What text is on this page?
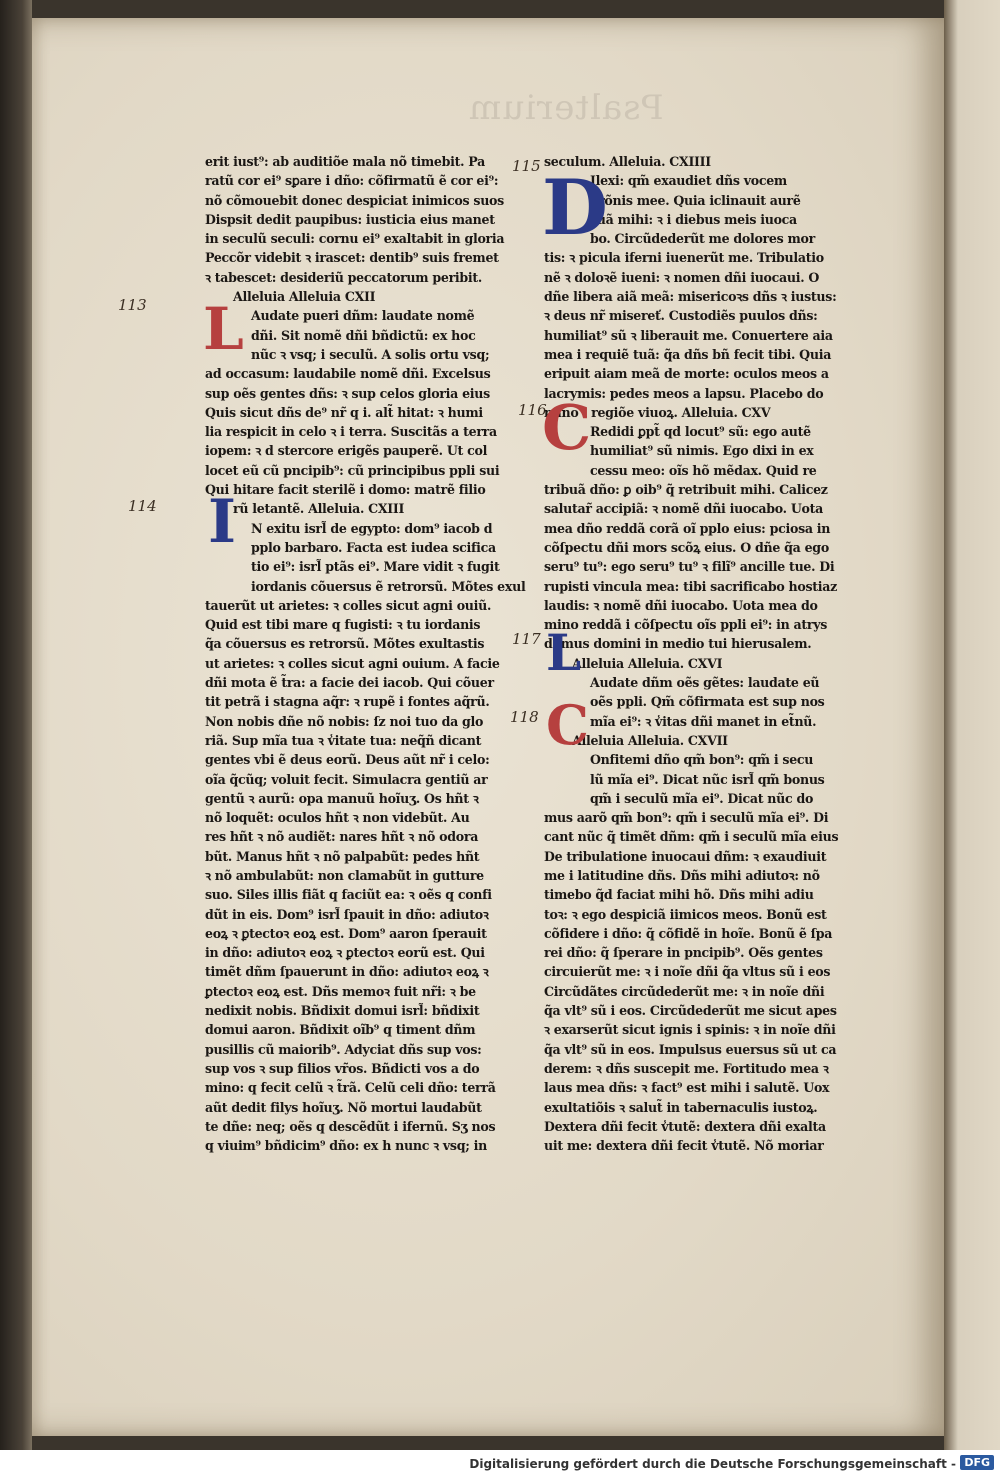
Psalterium
113
114
115
116
117
118
L
I
D
C
L
C
erit iust⁹: ab auditiõe mala nõ timebit. Pa
ratũ cor ei⁹ sꝑare i dño: cõfirmatũ ẽ cor ei⁹:
nõ cõmouebit donec despiciat inimicos suos
Dispsit dedit paupibus: iusticia eius manet
in seculũ seculi: cornu ei⁹ exaltabit in gloria
Peccõr videbit ꝛ irascet: dentib⁹ suis fremet
ꝛ tabescet: desideriũ peccatorum peribit.
Alleluia Alleluia CXII
Audate pueri dñm: laudate nomẽ
dñi. Sit nomẽ dñi bñdictũ: ex hoc
nũc ꝛ vsq; i seculũ. A solis ortu vsq;
ad occasum: laudabile nomẽ dñi. Excelsus
sup oẽs gentes dñs: ꝛ sup celos gloria eius
Quis sicut dñs de⁹ nr̃ q i. alt̃ hitat: ꝛ humi
lia respicit in celo ꝛ i terra. Suscitãs a terra
iopem: ꝛ d stercore erigẽs pauperẽ. Ut col
locet eũ cũ pncipib⁹: cũ principibus ppli sui
Qui hitare facit sterilẽ i domo: matrẽ filio
rũ letantẽ. Alleluia. CXIII
N exitu isrl̃ de egypto: dom⁹ iacob d
pplo barbaro. Facta est iudea scifica
tio ei⁹: isrl̃ ptãs ei⁹. Mare vidit ꝛ fugit
iordanis cõuersus ẽ retrorsũ. Mõtes exul
tauerũt ut arietes: ꝛ colles sicut agni ouiũ.
Quid est tibi mare q fugisti: ꝛ tu iordanis
q̃a cõuersus es retrorsũ. Mõtes exultastis
ut arietes: ꝛ colles sicut agni ouium. A facie
dñi mota ẽ t̃ra: a facie dei iacob. Qui cõuer
tit petrã i stagna aq̃r: ꝛ rupẽ i fontes aq̃rũ.
Non nobis dñe nõ nobis: ſz noi tuo da glo
riã. Sup mĩa tua ꝛ v̾itate tua: neq̃ñ dicant
gentes vbi ẽ deus eorũ. Deus aũt nr̃ i celo:
oĩa q̃cũq; voluit fecit. Simulacra gentiũ ar
gentũ ꝛ aurũ: opa manuũ hoĩuʒ. Os hñt ꝛ
nõ loquẽt: oculos hñt ꝛ non videbũt. Au
res hñt ꝛ nõ audiẽt: nares hñt ꝛ nõ odora
bũt. Manus hñt ꝛ nõ palpabũt: pedes hñt
ꝛ nõ ambulabũt: non clamabũt in gutture
suo. Siles illis fiãt q faciũt ea: ꝛ oẽs q confi
dũt in eis. Dom⁹ isrl̃ ſpauit in dño: adiutoꝛ
eoꝝ ꝛ ꝑtectoꝛ eoꝝ est. Dom⁹ aaron ſperauit
in dño: adiutoꝛ eoꝝ ꝛ ꝑtectoꝛ eorũ est. Qui
timẽt dñm ſpauerunt in dño: adiutoꝛ eoꝝ ꝛ
ꝑtectoꝛ eoꝝ est. Dñs memoꝛ fuit nr̃i: ꝛ be
nedixit nobis. Bñdixit domui isrl̃: bñdixit
domui aaron. Bñdixit oĩb⁹ q timent dñm
pusillis cũ maiorib⁹. Adyciat dñs sup vos:
sup vos ꝛ sup filios vr̃os. Bñdicti vos a do
mino: q fecit celũ ꝛ t̃rã. Celũ celi dño: terrã
aũt dedit filys hoĩuʒ. Nõ mortui laudabũt
te dñe: neq; oẽs q descẽdũt i ifernũ. Sʒ nos
q viuim⁹ bñdicim⁹ dño: ex h nunc ꝛ vsq; in
seculum. Alleluia. CXIIII
Ilexi: qm̃ exaudiet dñs vocem
orõnis mee. Quia iclinauit aurẽ
suã mihi: ꝛ i diebus meis iuoca
bo. Circũdederũt me dolores mor
tis: ꝛ picula iferni iuenerũt me. Tribulatio
nẽ ꝛ doloꝛẽ iueni: ꝛ nomen dñi iuocaui. O
dñe libera aiã meã: misericoꝛs dñs ꝛ iustus:
ꝛ deus nr̃ misereť. Custodiẽs puulos dñs:
humiliat⁹ sũ ꝛ liberauit me. Conuertere aia
mea i requiẽ tuã: q̃a dñs bñ fecit tibi. Quia
eripuit aiam meã de morte: oculos meos a
lacrymis: pedes meos a lapsu. Placebo do
mino i regiõe viuoꝝ. Alleluia. CXV
Redidi ꝑpt̃ qd locut⁹ sũ: ego autẽ
humiliat⁹ sũ nimis. Ego dixi in ex
cessu meo: oĩs hõ mẽdax. Quid re
tribuã dño: ꝑ oib⁹ q̃ retribuit mihi. Calicez
salutar̃ accipiã: ꝛ nomẽ dñi iuocabo. Uota
mea dño reddã corã oĩ pplo eius: pciosa in
cõſpectu dñi mors scõꝝ eius. O dñe q̃a ego
seru⁹ tu⁹: ego seru⁹ tu⁹ ꝛ filĩ⁹ ancille tue. Di
rupisti vincula mea: tibi sacrificabo hostiaz
laudis: ꝛ nomẽ dñi iuocabo. Uota mea do
mino reddã i cõſpectu oĩs ppli ei⁹: in atrys
domus domini in medio tui hierusalem.
Alleluia Alleluia. CXVI
Audate dñm oẽs gẽtes: laudate eũ
oẽs ppli. Qm̃ cõfirmata est sup nos
mĩa ei⁹: ꝛ v̾itas dñi manet in et̃nũ.
Alleluia Alleluia. CXVII
Onfitemi dño qm̃ bon⁹: qm̃ i secu
lũ mĩa ei⁹. Dicat nũc isrl̃ qm̃ bonus
qm̃ i seculũ mĩa ei⁹. Dicat nũc do
mus aarõ qm̃ bon⁹: qm̃ i seculũ mĩa ei⁹. Di
cant nũc q̃ timẽt dñm: qm̃ i seculũ mĩa eius
De tribulatione inuocaui dñm: ꝛ exaudiuit
me i latitudine dñs. Dñs mihi adiutoꝛ: nõ
timebo q̃d faciat mihi hõ. Dñs mihi adiu
toꝛ: ꝛ ego despiciã iimicos meos. Bonũ est
cõfidere i dño: q̃ cõfidẽ in hoĩe. Bonũ ẽ ſpa
rei dño: q̃ ſperare in pncipib⁹. Oẽs gentes
circuierũt me: ꝛ i noĩe dñi q̃a vltus sũ i eos
Circũdãtes circũdederũt me: ꝛ in noĩe dñi
q̃a vlt⁹ sũ i eos. Circũdederũt me sicut apes
ꝛ exarserũt sicut ignis i spinis: ꝛ in noĩe dñi
q̃a vlt⁹ sũ in eos. Impulsus euersus sũ ut ca
derem: ꝛ dñs suscepit me. Fortitudo mea ꝛ
laus mea dñs: ꝛ fact⁹ est mihi i salutẽ. Uox
exultatiõis ꝛ salut̃ in tabernaculis iustoꝝ.
Dextera dñi fecit v̾tutẽ: dextera dñi exalta
uit me: dextera dñi fecit v̾tutẽ. Nõ moriar
Digitalisierung gefördert durch die Deutsche Forschungsgemeinschaft - DFG
